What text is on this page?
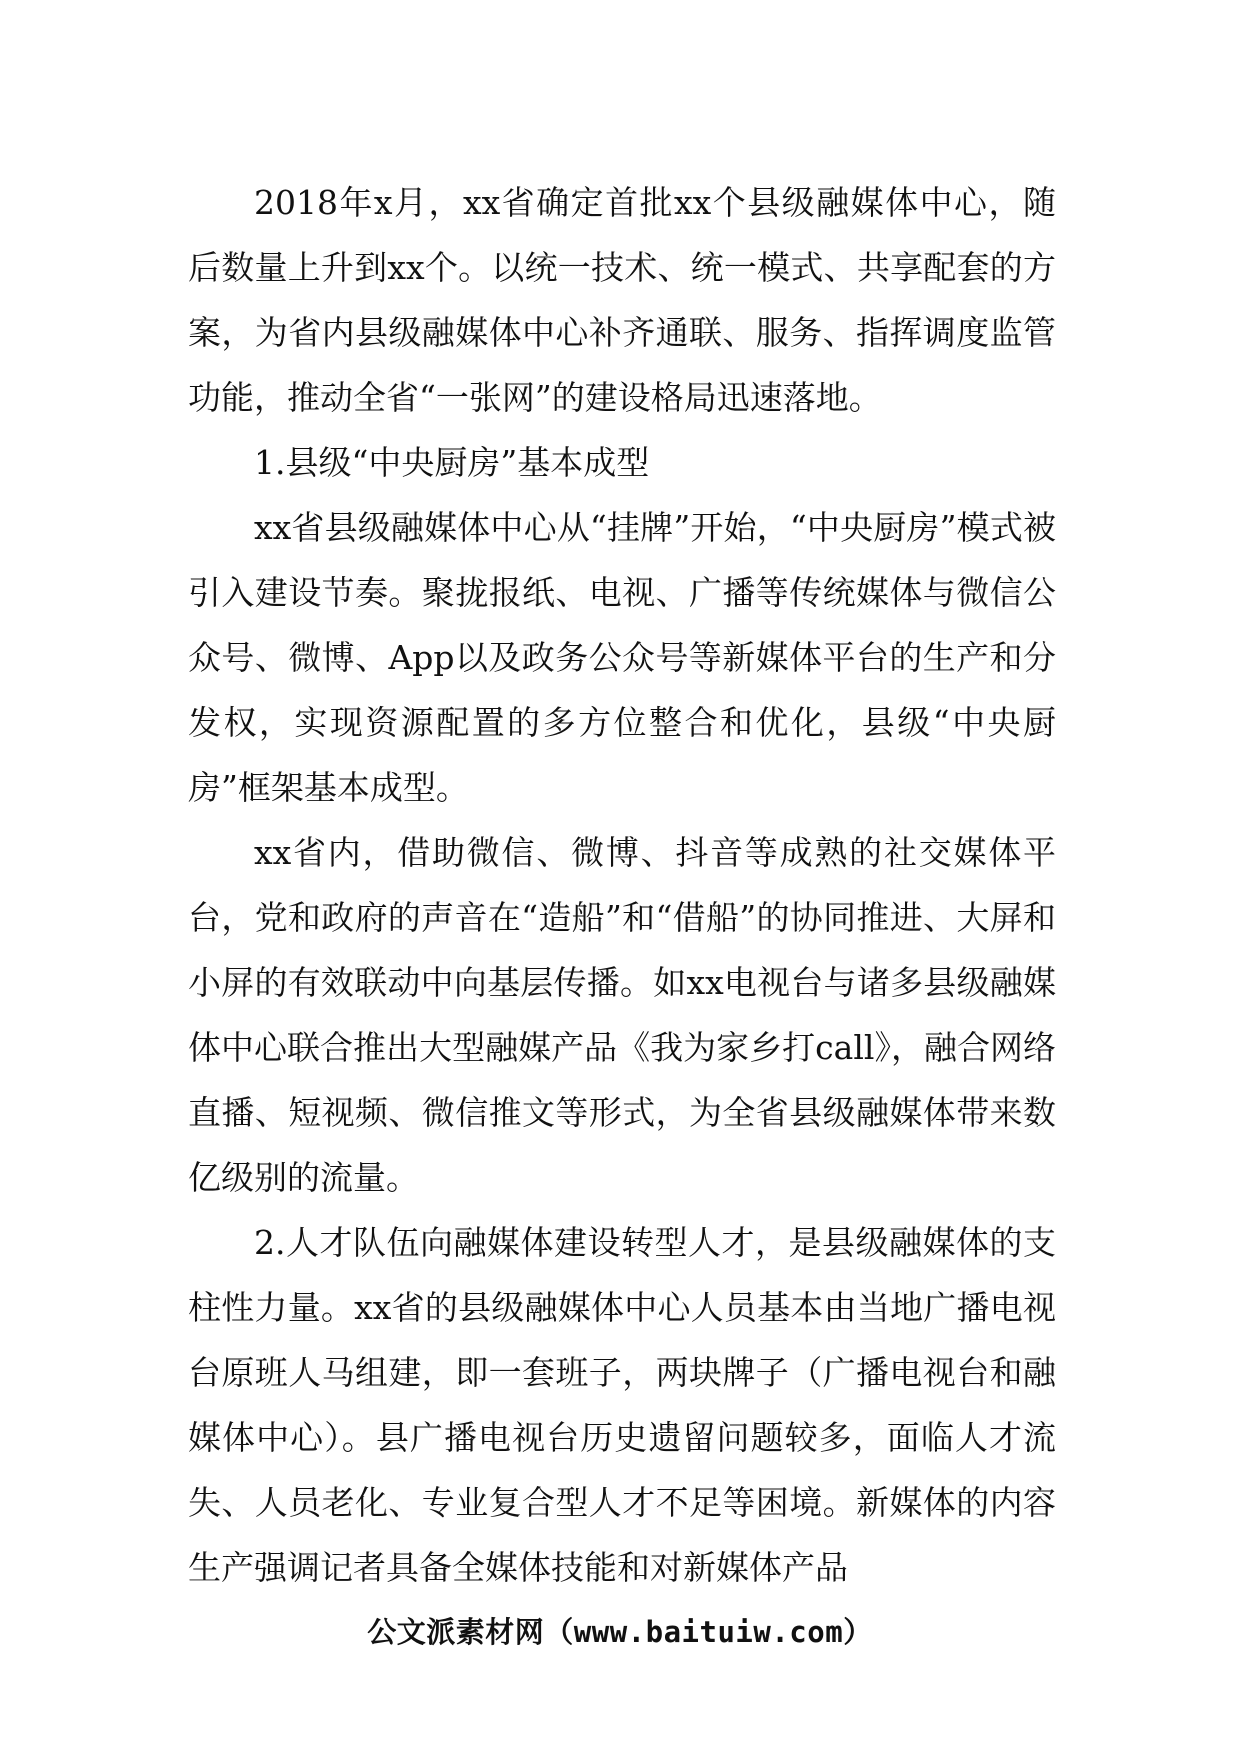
2018年x月，xx省确定首批xx个县级融媒体中心，随后数量上升到xx个。以统一技术、统一模式、共享配套的方案，为省内县级融媒体中心补齐通联、服务、指挥调度监管功能，推动全省“一张网”的建设格局迅速落地。

1.县级“中央厨房”基本成型

xx省县级融媒体中心从“挂牌”开始，“中央厨房”模式被引入建设节奏。聚拢报纸、电视、广播等传统媒体与微信公众号、微博、App以及政务公众号等新媒体平台的生产和分发权，实现资源配置的多方位整合和优化，县级“中央厨房”框架基本成型。

xx省内，借助微信、微博、抖音等成熟的社交媒体平台，党和政府的声音在“造船”和“借船”的协同推进、大屏和小屏的有效联动中向基层传播。如xx电视台与诸多县级融媒体中心联合推出大型融媒产品《我为家乡打call》，融合网络直播、短视频、微信推文等形式，为全省县级融媒体带来数亿级别的流量。

2.人才队伍向融媒体建设转型人才，是县级融媒体的支柱性力量。xx省的县级融媒体中心人员基本由当地广播电视台原班人马组建，即一套班子，两块牌子（广播电视台和融媒体中心）。县广播电视台历史遗留问题较多，面临人才流失、人员老化、专业复合型人才不足等困境。新媒体的内容生产强调记者具备全媒体技能和对新媒体产品

公文派素材网（www.baituiw.com）
